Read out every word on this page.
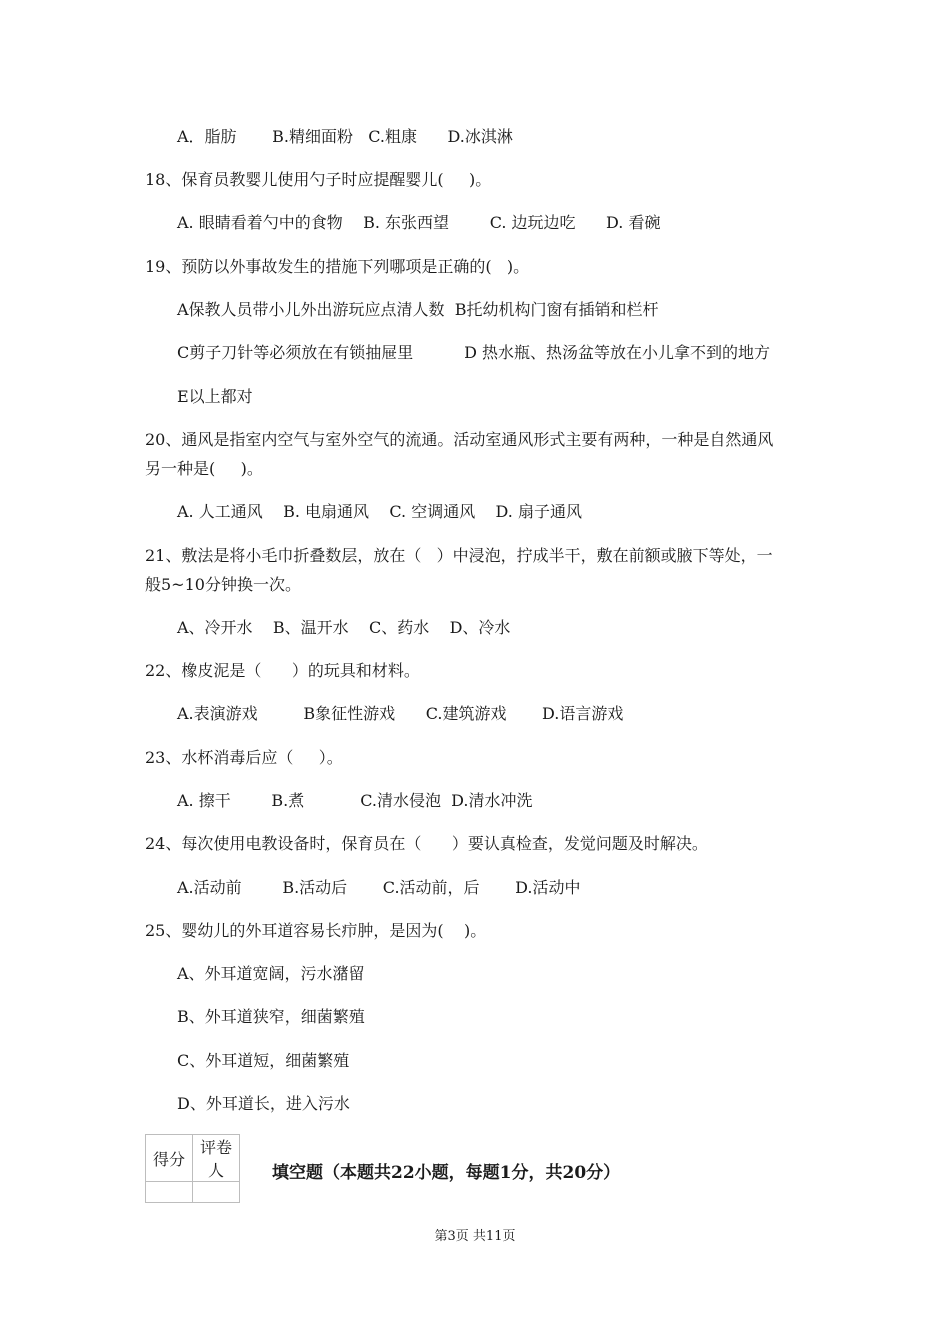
A．脂肪       B.精细面粉   C.粗康      D.冰淇淋
18、保育员教婴儿使用勺子时应提醒婴儿(     )。
A. 眼睛看着勺中的食物    B. 东张西望        C. 边玩边吃      D. 看碗
19、预防以外事故发生的措施下列哪项是正确的(   )。
A保教人员带小儿外出游玩应点清人数  B托幼机构门窗有插销和栏杆
C剪子刀针等必须放在有锁抽屉里          D 热水瓶、热汤盆等放在小儿拿不到的地方
E以上都对
20、通风是指室内空气与室外空气的流通。活动室通风形式主要有两种，一种是自然通风
另一种是(     )。
A. 人工通风    B. 电扇通风    C. 空调通风    D. 扇子通风
21、敷法是将小毛巾折叠数层，放在（   ）中浸泡，拧成半干，敷在前额或腋下等处，一
般5~10分钟换一次。
A、冷开水    B、温开水    C、药水    D、冷水
22、橡皮泥是（      ）的玩具和材料。
A.表演游戏         B象征性游戏      C.建筑游戏       D.语言游戏
23、水杯消毒后应（     ）。
A. 擦干        B.煮           C.清水侵泡  D.清水冲洗
24、每次使用电教设备时，保育员在（      ）要认真检查，发觉问题及时解决。
A.活动前        B.活动后       C.活动前，后       D.活动中
25、婴幼儿的外耳道容易长疖肿，是因为(    )。
A、外耳道宽阔，污水潴留
B、外耳道狭窄，细菌繁殖
C、外耳道短，细菌繁殖
D、外耳道长，进入污水
得分	评卷人
		填空题（本题共22小题，每题1分，共20分）
第3页 共11页
